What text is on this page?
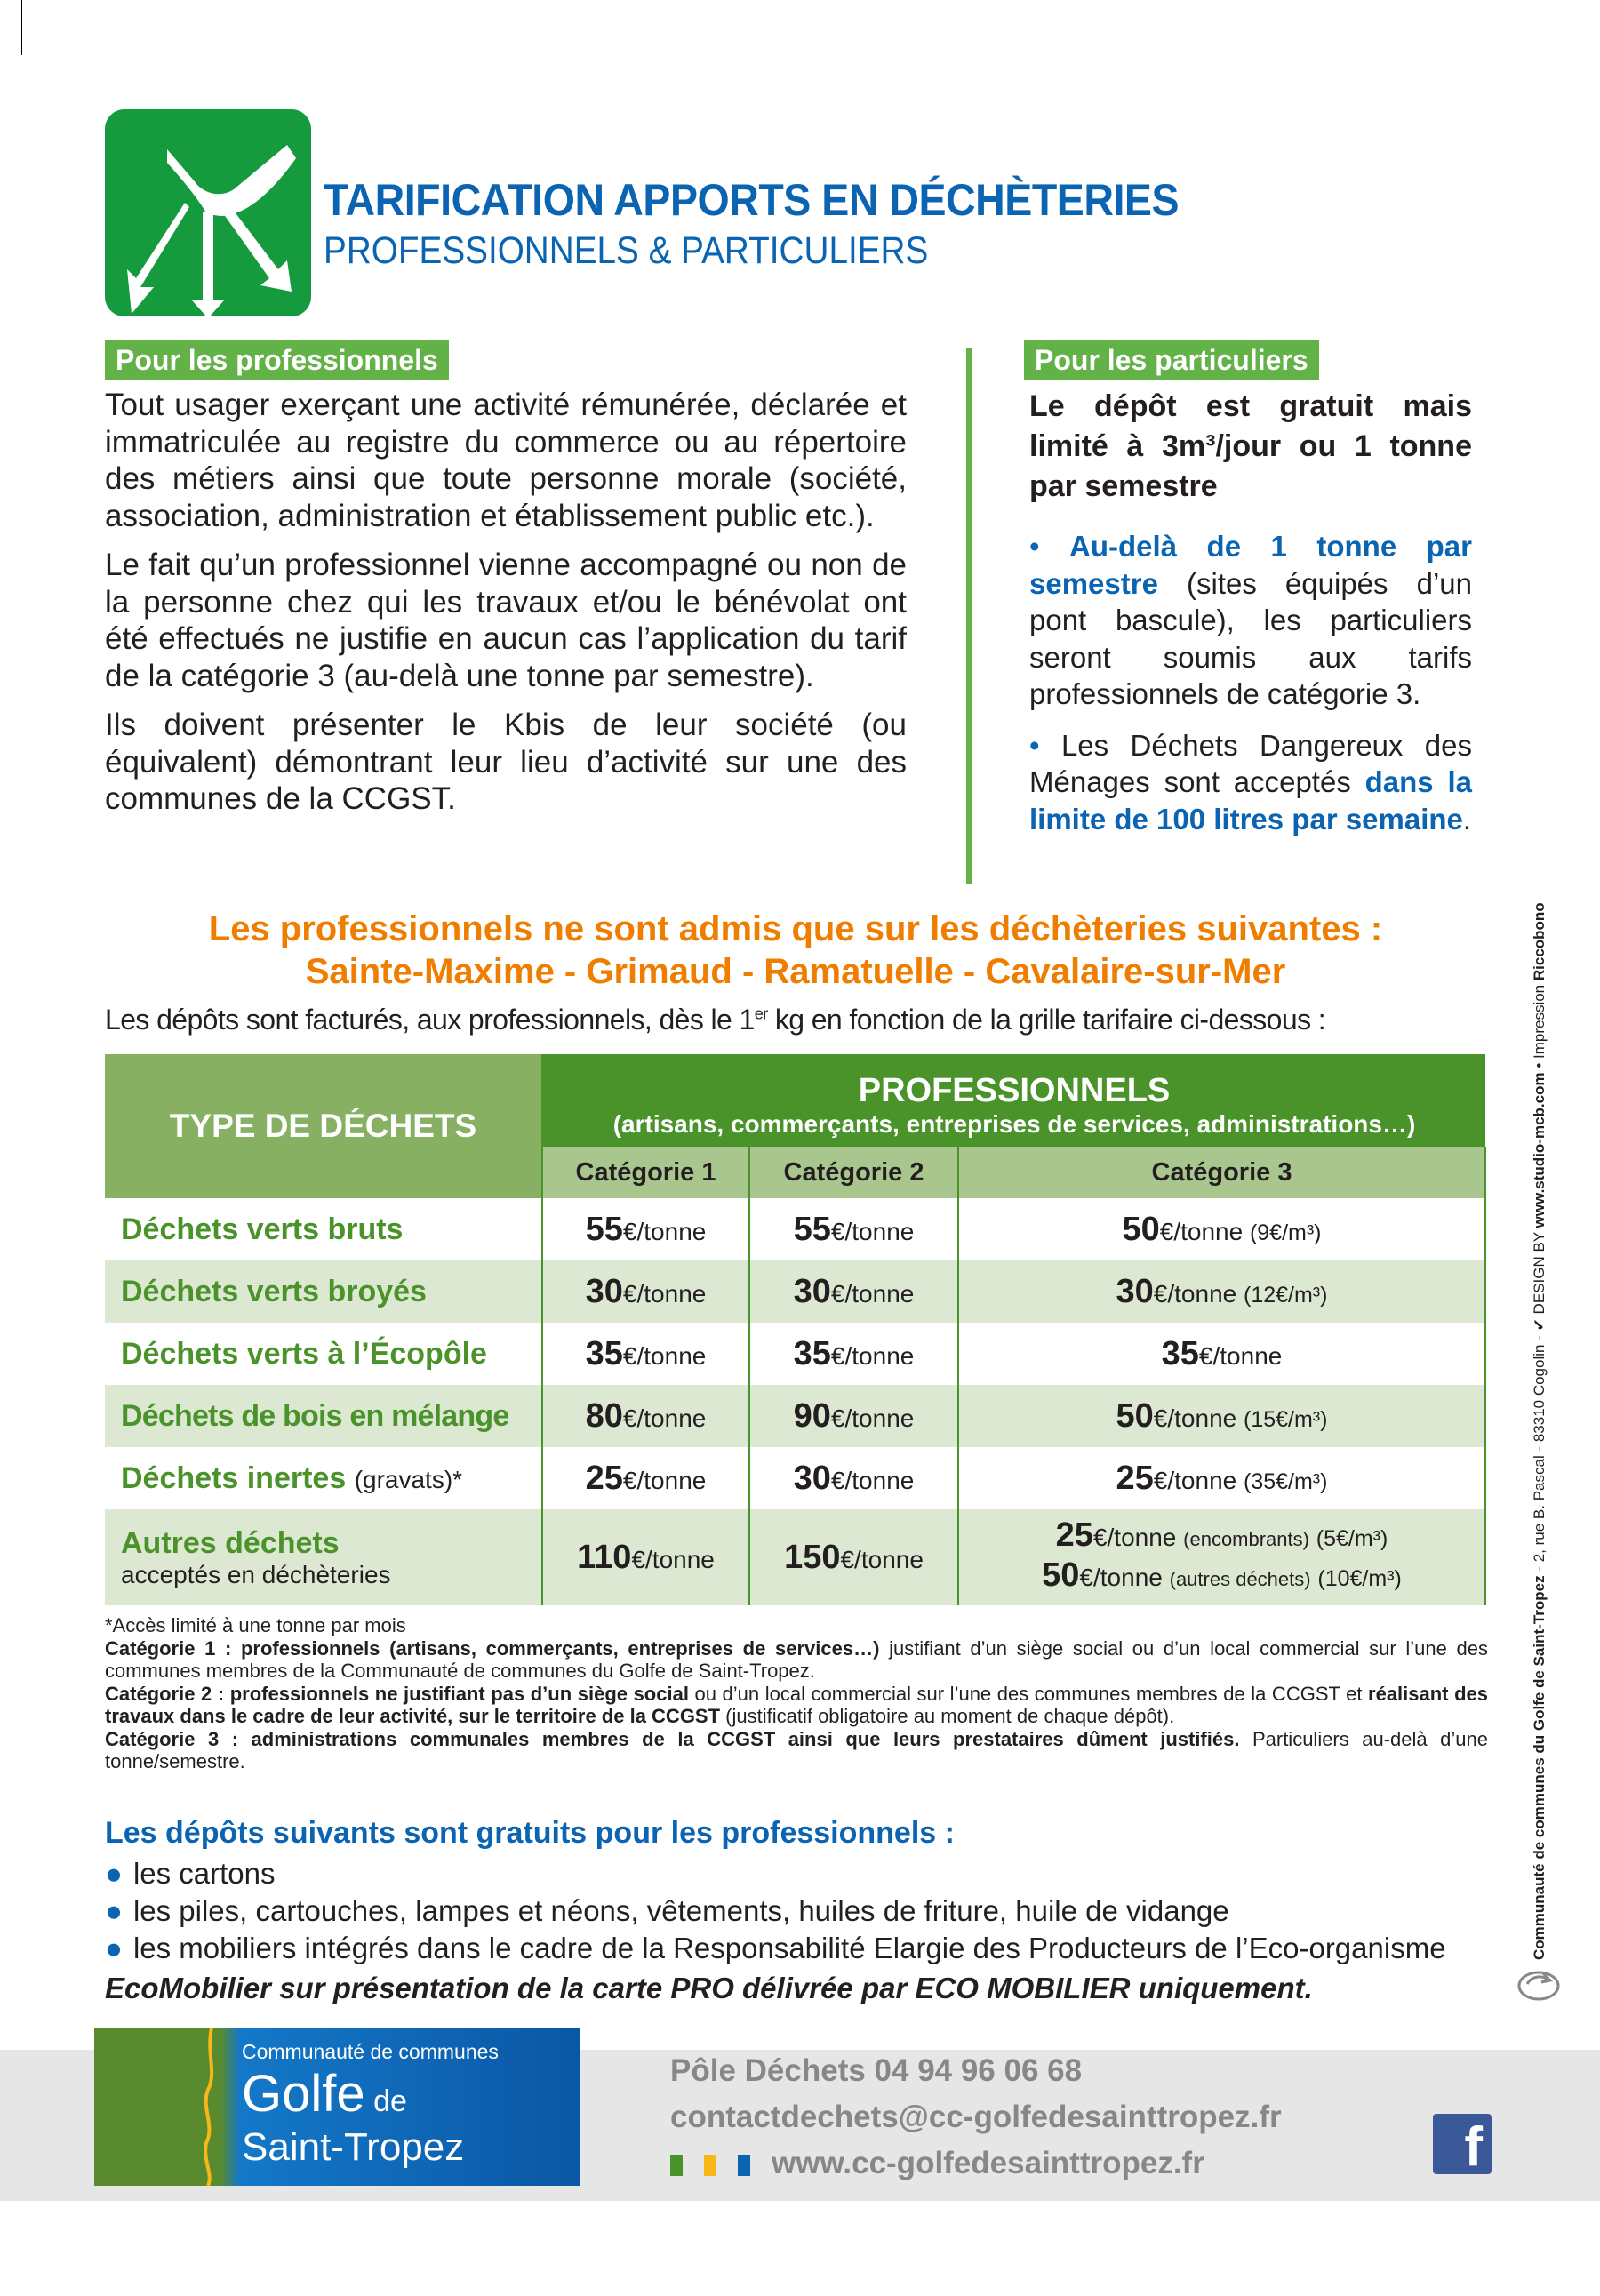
TARIFICATION APPORTS EN DÉCHÈTERIES
PROFESSIONNELS & PARTICULIERS
Pour les professionnels

Tout usager exerçant une activité rémunérée, déclarée et immatriculée au registre du commerce ou au répertoire des métiers ainsi que toute personne morale (société, association, administration et établissement public etc.).

Le fait qu’un professionnel vienne accompagné ou non de la personne chez qui les travaux et/ou le bénévolat ont été effectués ne justifie en aucun cas l’application du tarif de la catégorie 3 (au-delà une tonne par semestre).

Ils doivent présenter le Kbis de leur société (ou équivalent) démontrant leur lieu d’activité sur une des communes de la CCGST.

Pour les particuliers
Le dépôt est gratuit mais limité à 3m³/jour ou 1 tonne par semestre

• Au-delà de 1 tonne par semestre (sites équipés d’un pont bascule), les particuliers seront soumis aux tarifs professionnels de catégorie 3.

• Les Déchets Dangereux des Ménages sont acceptés dans la limite de 100 litres par semaine.

Les professionnels ne sont admis que sur les déchèteries suivantes :
Sainte-Maxime - Grimaud - Ramatuelle - Cavalaire-sur-Mer
Les dépôts sont facturés, aux professionnels, dès le 1er kg en fonction de la grille tarifaire ci-dessous :
TYPE DE DÉCHETS	PROFESSIONNELS
(artisans, commerçants, entreprises de services, administrations…)		

	Catégorie 1	Catégorie 2	Catégorie 3
Déchets verts bruts	55€/tonne	55€/tonne	50€/tonne (9€/m³)
Déchets verts broyés	30€/tonne	30€/tonne	30€/tonne (12€/m³)
Déchets verts à l’Écopôle	35€/tonne	35€/tonne	35€/tonne
Déchets de bois en mélange	80€/tonne	90€/tonne	50€/tonne (15€/m³)
Déchets inertes (gravats)*	25€/tonne	30€/tonne	25€/tonne (35€/m³)
Autres déchets
acceptés en déchèteries	110€/tonne	150€/tonne	25€/tonne (encombrants) (5€/m³)
50€/tonne (autres déchets) (10€/m³)
*Accès limité à une tonne par mois
Catégorie 1 : professionnels (artisans, commerçants, entreprises de services…) justifiant d’un siège social ou d’un local commercial sur l’une des communes membres de la Communauté de communes du Golfe de Saint-Tropez.
Catégorie 2 : professionnels ne justifiant pas d’un siège social ou d’un local commercial sur l’une des communes membres de la CCGST et réalisant des travaux dans le cadre de leur activité, sur le territoire de la CCGST (justificatif obligatoire au moment de chaque dépôt).
Catégorie 3 : administrations communales membres de la CCGST ainsi que leurs prestataires dûment justifiés. Particuliers au-delà d’une tonne/semestre.
Les dépôts suivants sont gratuits pour les professionnels :
● les cartons
● les piles, cartouches, lampes et néons, vêtements, huiles de friture, huile de vidange
● les mobiliers intégrés dans le cadre de la Responsabilité Elargie des Producteurs de l’Eco-organisme
EcoMobilier sur présentation de la carte PRO délivrée par ECO MOBILIER uniquement.
Communauté de communes
Golfe de
Saint-Tropez
Pôle Déchets 04 94 96 06 68
contactdechets@cc-golfedesainttropez.fr
www.cc-golfedesainttropez.fr	f
Communauté de communes du Golfe de Saint-Tropez - 2, rue B. Pascal - 83310 Cogolin - ✔ DESIGN BY www.studio-mcb.com • Impression Riccobono
